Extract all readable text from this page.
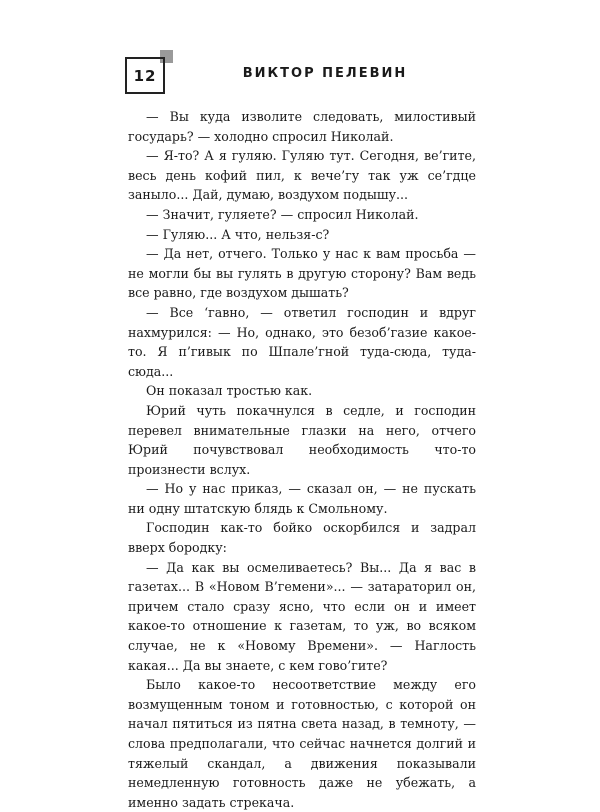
12	ВИКТОР ПЕЛЕВИН

— Вы куда изволите следовать, милостивый государь? — холодно спросил Николай.

— Я-то? А я гуляю. Гуляю тут. Сегодня, ве’гите, весь день кофий пил, к вече’гу так уж се’гдце заныло... Дай, думаю, воздухом подышу...

— Значит, гуляете? — спросил Николай.

— Гуляю... А что, нельзя-с?

— Да нет, отчего. Только у нас к вам просьба — не могли бы вы гулять в другую сторону? Вам ведь все равно, где воздухом дышать?

— Все ‘гавно, — ответил господин и вдруг нахмурился: — Но, однако, это безоб’газие какое-то. Я п’гивык по Шпале’гной туда-сюда, туда-сюда...

Он показал тростью как.

Юрий чуть покачнулся в седле, и господин перевел внимательные глазки на него, отчего Юрий почувствовал необходимость что-то произнести вслух.

— Но у нас приказ, — сказал он, — не пускать ни одну штатскую блядь к Смольному.

Господин как-то бойко оскорбился и задрал вверх бородку:

— Да как вы осмеливаетесь? Вы... Да я вас в газетах... В «Новом В’гемени»... — затараторил он, причем стало сразу ясно, что если он и имеет какое-то отношение к газетам, то уж, во всяком случае, не к «Новому Времени». — Наглость какая... Да вы знаете, с кем гово’гите?

Было какое-то несоответствие между его возмущенным тоном и готовностью, с которой он начал пятиться из пятна света назад, в темноту, — слова предполагали, что сейчас начнется долгий и тяжелый скандал, а движения показывали немедленную готовность даже не убежать, а именно задать стрекача.
